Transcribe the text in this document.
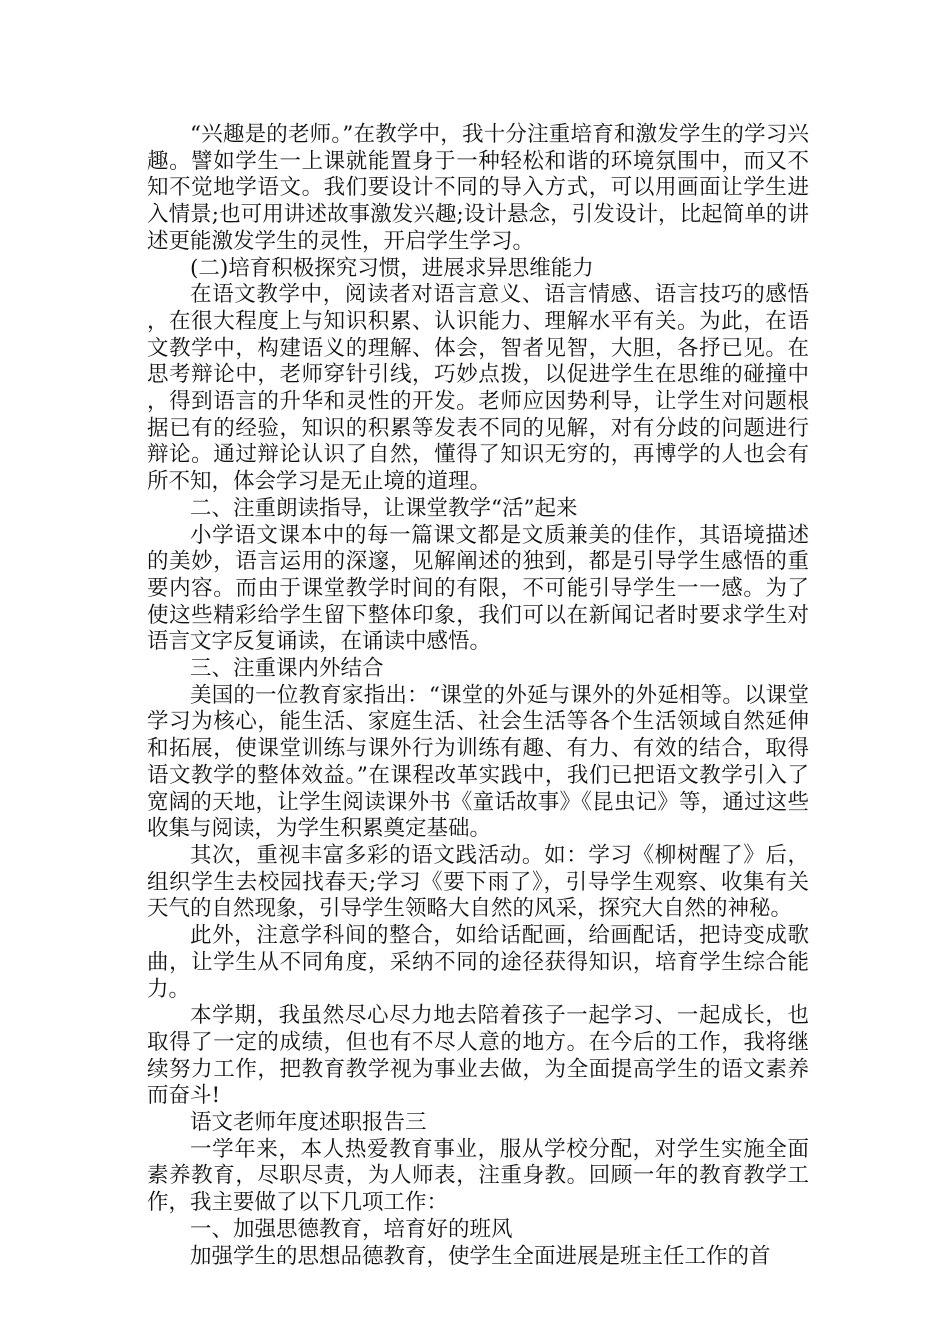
“兴趣是的老师。”在教学中，我十分注重培育和激发学生的学习兴趣。譬如学生一上课就能置身于一种轻松和谐的环境氛围中，而又不知不觉地学语文。我们要设计不同的导入方式，可以用画面让学生进入情景;也可用讲述故事激发兴趣;设计悬念，引发设计，比起简单的讲述更能激发学生的灵性，开启学生学习。

(二)培育积极探究习惯，进展求异思维能力

在语文教学中，阅读者对语言意义、语言情感、语言技巧的感悟，在很大程度上与知识积累、认识能力、理解水平有关。为此，在语文教学中，构建语义的理解、体会，智者见智，大胆，各抒已见。在思考辩论中，老师穿针引线，巧妙点拨，以促进学生在思维的碰撞中，得到语言的升华和灵性的开发。老师应因势利导，让学生对问题根据已有的经验，知识的积累等发表不同的见解，对有分歧的问题进行辩论。通过辩论认识了自然，懂得了知识无穷的，再博学的人也会有所不知，体会学习是无止境的道理。

二、注重朗读指导，让课堂教学“活”起来

小学语文课本中的每一篇课文都是文质兼美的佳作，其语境描述的美妙，语言运用的深邃，见解阐述的独到，都是引导学生感悟的重要内容。而由于课堂教学时间的有限，不可能引导学生一一感。为了使这些精彩给学生留下整体印象，我们可以在新闻记者时要求学生对语言文字反复诵读，在诵读中感悟。

三、注重课内外结合

美国的一位教育家指出：“课堂的外延与课外的外延相等。以课堂学习为核心，能生活、家庭生活、社会生活等各个生活领域自然延伸和拓展，使课堂训练与课外行为训练有趣、有力、有效的结合，取得语文教学的整体效益。”在课程改革实践中，我们已把语文教学引入了宽阔的天地，让学生阅读课外书《童话故事》《昆虫记》等，通过这些收集与阅读，为学生积累奠定基础。

其次，重视丰富多彩的语文践活动。如：学习《柳树醒了》后，组织学生去校园找春天;学习《要下雨了》，引导学生观察、收集有关天气的自然现象，引导学生领略大自然的风采，探究大自然的神秘。

此外，注意学科间的整合，如给话配画，给画配话，把诗变成歌曲，让学生从不同角度，采纳不同的途径获得知识，培育学生综合能力。

本学期，我虽然尽心尽力地去陪着孩子一起学习、一起成长，也取得了一定的成绩，但也有不尽人意的地方。在今后的工作，我将继续努力工作，把教育教学视为事业去做，为全面提高学生的语文素养而奋斗!

语文老师年度述职报告三

一学年来，本人热爱教育事业，服从学校分配，对学生实施全面素养教育，尽职尽责，为人师表，注重身教。回顾一年的教育教学工作，我主要做了以下几项工作：

一、加强思德教育，培育好的班风

加强学生的思想品德教育，使学生全面进展是班主任工作的首
